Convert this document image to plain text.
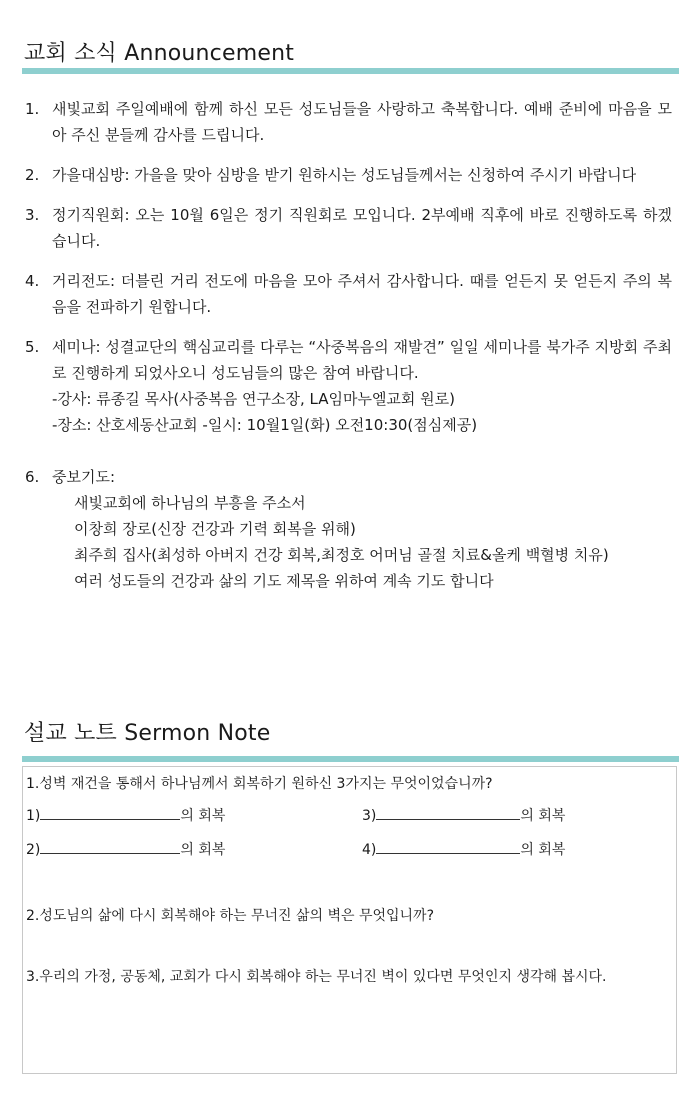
교회 소식 Announcement
1. 새빛교회 주일예배에 함께 하신 모든 성도님들을 사랑하고 축복합니다. 예배 준비에 마음을 모아 주신 분들께 감사를 드립니다.

2. 가을대심방: 가을을 맞아 심방을 받기 원하시는 성도님들께서는 신청하여 주시기 바랍니다

3. 정기직원회: 오는 10월 6일은 정기 직원회로 모입니다. 2부예배 직후에 바로 진행하도록 하겠습니다.

4. 거리전도: 더블린 거리 전도에 마음을 모아 주셔서 감사합니다. 때를 얻든지 못 얻든지 주의 복음을 전파하기 원합니다.

5. 세미나: 성결교단의 핵심교리를 다루는 “사중복음의 재발견” 일일 세미나를 북가주 지방회 주최로 진행하게 되었사오니 성도님들의 많은 참여 바랍니다.
-강사: 류종길 목사(사중복음 연구소장, LA임마누엘교회 원로)
-장소: 산호세동산교회 -일시: 10월1일(화) 오전10:30(점심제공)

6. 중보기도:
새빛교회에 하나님의 부흥을 주소서
이창희 장로(신장 건강과 기력 회복을 위해)
최주희 집사(최성하 아버지 건강 회복,최정호 어머님 골절 치료&올케 백혈병 치유)
여러 성도들의 건강과 삶의 기도 제목을 위하여 계속 기도 합니다

설교 노트 Sermon Note
1.성벽 재건을 통해서 하나님께서 회복하기 원하신 3가지는 무엇이었습니까?
1)	의 회복	3)	의 회복
2)	의 회복	4)	의 회복
2.성도님의 삶에 다시 회복해야 하는 무너진 삶의 벽은 무엇입니까?
3.우리의 가정, 공동체, 교회가 다시 회복해야 하는 무너진 벽이 있다면 무엇인지 생각해 봅시다.
